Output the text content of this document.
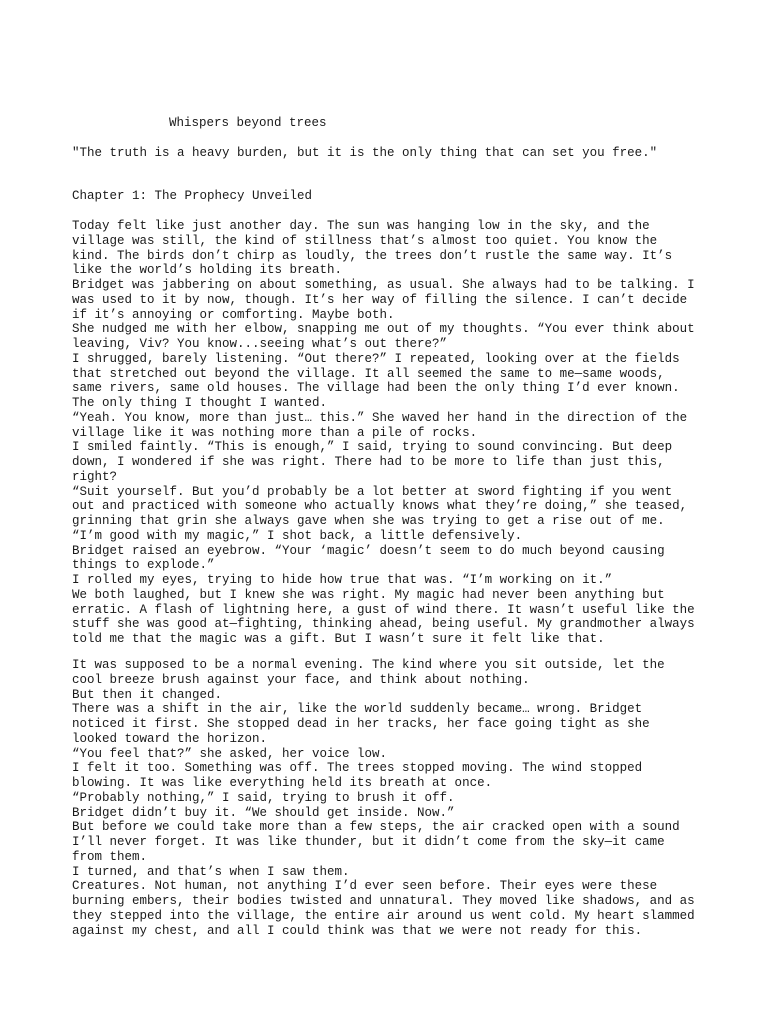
Whispers beyond trees
"The truth is a heavy burden, but it is the only thing that can set you free."
Chapter 1: The Prophecy Unveiled
Today felt like just another day. The sun was hanging low in the sky, and the
village was still, the kind of stillness that’s almost too quiet. You know the
kind. The birds don’t chirp as loudly, the trees don’t rustle the same way. It’s
like the world’s holding its breath.
Bridget was jabbering on about something, as usual. She always had to be talking. I
was used to it by now, though. It’s her way of filling the silence. I can’t decide
if it’s annoying or comforting. Maybe both.
She nudged me with her elbow, snapping me out of my thoughts. “You ever think about
leaving, Viv? You know...seeing what’s out there?”
I shrugged, barely listening. “Out there?” I repeated, looking over at the fields
that stretched out beyond the village. It all seemed the same to me—same woods,
same rivers, same old houses. The village had been the only thing I’d ever known.
The only thing I thought I wanted.
“Yeah. You know, more than just… this.” She waved her hand in the direction of the
village like it was nothing more than a pile of rocks.
I smiled faintly. “This is enough,” I said, trying to sound convincing. But deep
down, I wondered if she was right. There had to be more to life than just this,
right?
“Suit yourself. But you’d probably be a lot better at sword fighting if you went
out and practiced with someone who actually knows what they’re doing,” she teased,
grinning that grin she always gave when she was trying to get a rise out of me.
“I’m good with my magic,” I shot back, a little defensively.
Bridget raised an eyebrow. “Your ‘magic’ doesn’t seem to do much beyond causing
things to explode.”
I rolled my eyes, trying to hide how true that was. “I’m working on it.”
We both laughed, but I knew she was right. My magic had never been anything but
erratic. A flash of lightning here, a gust of wind there. It wasn’t useful like the
stuff she was good at—fighting, thinking ahead, being useful. My grandmother always
told me that the magic was a gift. But I wasn’t sure it felt like that.
It was supposed to be a normal evening. The kind where you sit outside, let the
cool breeze brush against your face, and think about nothing.
But then it changed.
There was a shift in the air, like the world suddenly became… wrong. Bridget
noticed it first. She stopped dead in her tracks, her face going tight as she
looked toward the horizon.
“You feel that?” she asked, her voice low.
I felt it too. Something was off. The trees stopped moving. The wind stopped
blowing. It was like everything held its breath at once.
“Probably nothing,” I said, trying to brush it off.
Bridget didn’t buy it. “We should get inside. Now.”
But before we could take more than a few steps, the air cracked open with a sound
I’ll never forget. It was like thunder, but it didn’t come from the sky—it came
from them.
I turned, and that’s when I saw them.
Creatures. Not human, not anything I’d ever seen before. Their eyes were these
burning embers, their bodies twisted and unnatural. They moved like shadows, and as
they stepped into the village, the entire air around us went cold. My heart slammed
against my chest, and all I could think was that we were not ready for this.
